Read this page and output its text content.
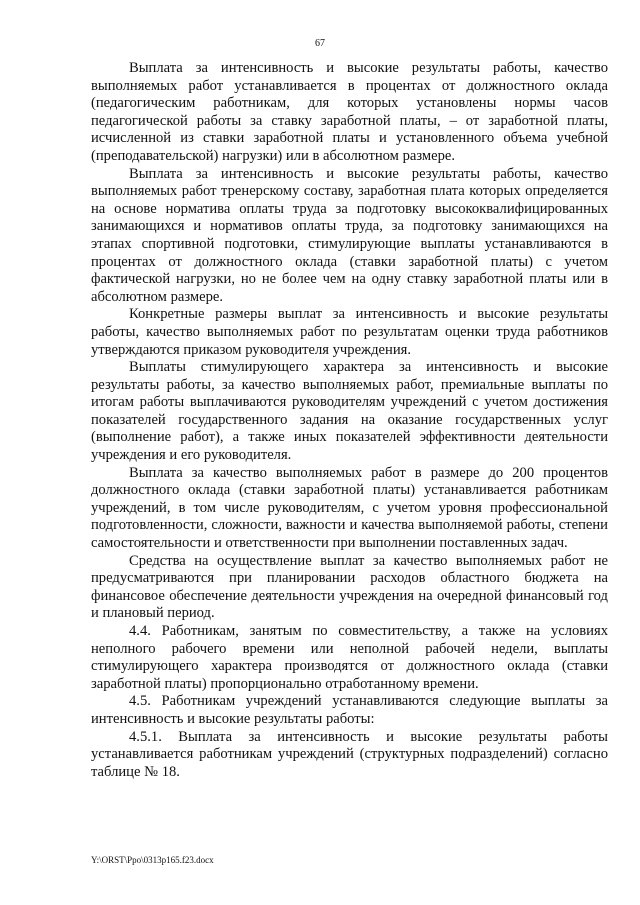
67

Выплата за интенсивность и высокие результаты работы, качество выполняемых работ устанавливается в процентах от должностного оклада (педагогическим работникам, для которых установлены нормы часов педагогической работы за ставку заработной платы, – от заработной платы, исчисленной из ставки заработной платы и установленного объема учебной (преподавательской) нагрузки) или в абсолютном размере.

Выплата за интенсивность и высокие результаты работы, качество выполняемых работ тренерскому составу, заработная плата которых определяется на основе норматива оплаты труда за подготовку высококвалифицированных занимающихся и нормативов оплаты труда, за подготовку занимающихся на этапах спортивной подготовки, стимулирующие выплаты устанавливаются в процентах от должностного оклада (ставки заработной платы) с учетом фактической нагрузки, но не более чем на одну ставку заработной платы или в абсолютном размере.

Конкретные размеры выплат за интенсивность и высокие результаты работы, качество выполняемых работ по результатам оценки труда работников утверждаются приказом руководителя учреждения.

Выплаты стимулирующего характера за интенсивность и высокие результаты работы, за качество выполняемых работ, премиальные выплаты по итогам работы выплачиваются руководителям учреждений с учетом достижения показателей государственного задания на оказание государственных услуг (выполнение работ), а также иных показателей эффективности деятельности учреждения и его руководителя.

Выплата за качество выполняемых работ в размере до 200 процентов должностного оклада (ставки заработной платы) устанавливается работникам учреждений, в том числе руководителям, с учетом уровня профессиональной подготовленности, сложности, важности и качества выполняемой работы, степени самостоятельности и ответственности при выполнении поставленных задач.

Средства на осуществление выплат за качество выполняемых работ не предусматриваются при планировании расходов областного бюджета на финансовое обеспечение деятельности учреждения на очередной финансовый год и плановый период.

4.4. Работникам, занятым по совместительству, а также на условиях неполного рабочего времени или неполной рабочей недели, выплаты стимулирующего характера производятся от должностного оклада (ставки заработной платы) пропорционально отработанному времени.

4.5. Работникам учреждений устанавливаются следующие выплаты за интенсивность и высокие результаты работы:

4.5.1. Выплата за интенсивность и высокие результаты работы устанавливается работникам учреждений (структурных подразделений) согласно таблице № 18.

Y:\ORST\Ppo\0313p165.f23.docx
